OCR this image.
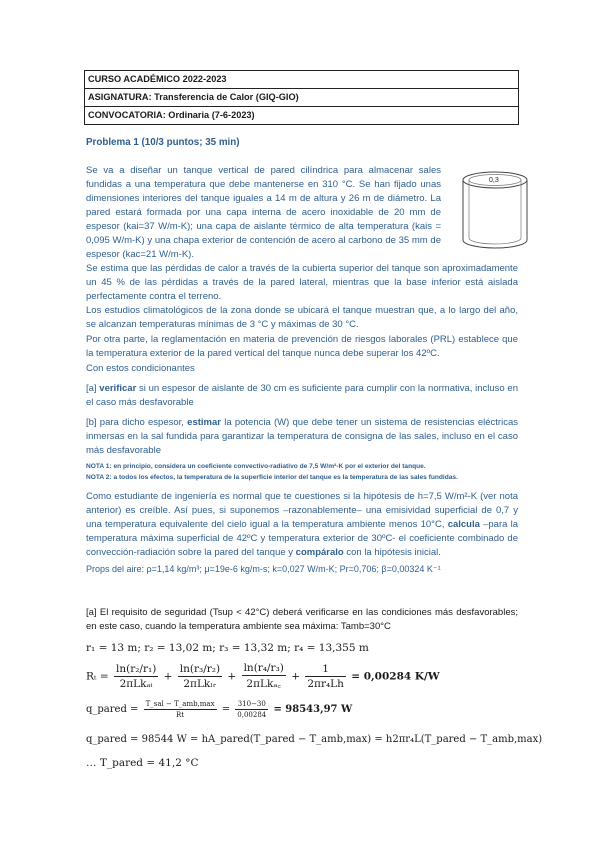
CURSO ACADÉMICO 2022-2023
ASIGNATURA: Transferencia de Calor (GIQ-GIO)
CONVOCATORIA: Ordinaria (7-6-2023)
Problema 1 (10/3 puntos; 35 min)

Se va a diseñar un tanque vertical de pared cilíndrica para almacenar sales fundidas a una temperatura que debe mantenerse en 310 °C. Se han fijado unas dimensiones interiores del tanque iguales a 14 m de altura y 26 m de diámetro. La pared estará formada por una capa interna de acero inoxidable de 20 mm de espesor (kai=37 W/m-K); una capa de aislante térmico de alta temperatura (kais = 0,095 W/m-K) y una chapa exterior de contención de acero al carbono de 35 mm de espesor (kac=21 W/m-K).

0,3

Se estima que las pérdidas de calor a través de la cubierta superior del tanque son aproximadamente un 45 % de las pérdidas a través de la pared lateral, mientras que la base inferior está aislada perfectamente contra el terreno.

Los estudios climatológicos de la zona donde se ubicará el tanque muestran que, a lo largo del año, se alcanzan temperaturas mínimas de 3 °C y máximas de 30 °C.

Por otra parte, la reglamentación en materia de prevención de riesgos laborales (PRL) establece que la temperatura exterior de la pared vertical del tanque nunca debe superar los 42ºC.

Con estos condicionantes

[a] verificar si un espesor de aislante de 30 cm es suficiente para cumplir con la normativa, incluso en el caso más desfavorable

[b] para dicho espesor, estimar la potencia (W) que debe tener un sistema de resistencias eléctricas inmersas en la sal fundida para garantizar la temperatura de consigna de las sales, incluso en el caso más desfavorable

NOTA 1: en principio, considera un coeficiente convectivo-radiativo de 7,5 W/m²-K por el exterior del tanque.
NOTA 2: a todos los efectos, la temperatura de la superficie interior del tanque es la temperatura de las sales fundidas.

Como estudiante de ingeniería es normal que te cuestiones si la hipótesis de h=7,5 W/m²-K (ver nota anterior) es creíble. Así pues, si suponemos –razonablemente– una emisividad superficial de 0,7 y una temperatura equivalente del cielo igual a la temperatura ambiente menos 10°C, calcula –para la temperatura máxima superficial de 42ºC y temperatura exterior de 30ºC- el coeficiente combinado de convección-radiación sobre la pared del tanque y compáralo con la hipótesis inicial.

Props del aire: ρ=1,14 kg/m³; μ=19e-6 kg/m-s; k=0,027 W/m-K; Pr=0,706; β=0,00324 K⁻¹

[a] El requisito de seguridad (Tsup < 42°C) deberá verificarse en las condiciones más desfavorables; en este caso, cuando la temperatura ambiente sea máxima: Tamb=30°C

r₁ = 13 m; r₂ = 13,02 m; r₃ = 13,32 m; r₄ = 13,355 m
$R_t = \frac{\text{ln(r₂/r₁)}}{\text{2πLkₐᵢ}} + \frac{\text{ln(r₃/r₂)}}{\text{2πLkₗᵣ}} + \frac{\text{ln(r₄/r₃)}}{\text{2πLkₐ꜀}} + \frac{1}{\text{2πr₄Lh}} = 0,00284$ K/W
q_pared = $\frac{\text{T\_sal − T\_amb,max}}{Rt} = \frac{310-30}{0,00284} = 98543,97$ W
q_pared = 98544 W = hA_pared(T_pared − T_amb,max) = h2πr₄L(T_pared − T_amb,max)
… T_pared = 41,2 °C
